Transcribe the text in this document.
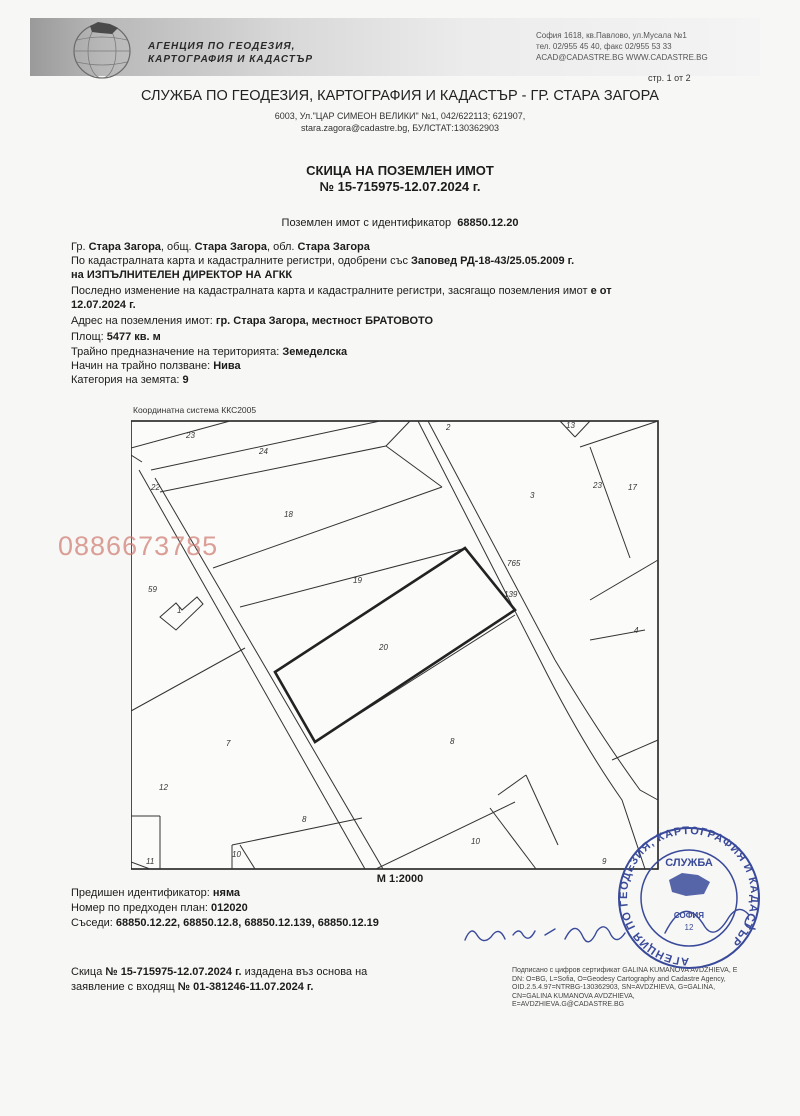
АГЕНЦИЯ ПО ГЕОДЕЗИЯ,
КАРТОГРАФИЯ И КАДАСТЪР
София 1618, кв.Павлово, ул.Мусала №1
тел. 02/955 45 40, факс 02/955 53 33
ACAD@CADASTRE.BG WWW.CADASTRE.BG
стр. 1 от 2
СЛУЖБА ПО ГЕОДЕЗИЯ, КАРТОГРАФИЯ И КАДАСТЪР - ГР. СТАРА ЗАГОРА
6003, Ул."ЦАР СИМЕОН ВЕЛИКИ" №1, 042/622113; 621907,
stara.zagora@cadastre.bg, БУЛСТАТ:130362903
СКИЦА НА ПОЗЕМЛЕН ИМОТ
№ 15-715975-12.07.2024 г.
Поземлен имот с идентификатор 68850.12.20
Гр. Стара Загора, общ. Стара Загора, обл. Стара Загора
По кадастралната карта и кадастралните регистри, одобрени със Заповед РД-18-43/25.05.2009 г.
на ИЗПЪЛНИТЕЛЕН ДИРЕКТОР НА АГКК
Последно изменение на кадастралната карта и кадастралните регистри, засягащо поземления имот е от
12.07.2024 г.
Адрес на поземления имот: гр. Стара Загора, местност БРАТОВОТО
Площ: 5477 кв. м
Трайно предназначение на територията: Земеделска
Начин на трайно ползване: Нива
Категория на земята: 9
Координатна система ККС2005
23
24
22
18
19
20
59
1
7
12
8
11
10
2	13
3
23	17
765
139
4
8
10
9
0886673785
М 1:2000
Предишен идентификатор: няма
Номер по предходен план: 012020
Съседи: 68850.12.22, 68850.12.8, 68850.12.139, 68850.12.19
Скица № 15-715975-12.07.2024 г. издадена въз основа на
заявление с входящ № 01-381246-11.07.2024 г.
Подписано с цифров сертификат GALINA KUMANOVA AVDZHIEVA, E
DN: O=BG, L=Sofia, O=Geodesy Cartography and Cadastre Agency,
OID.2.5.4.97=NTRBG-130362903, SN=AVDZHIEVA, G=GALINA,
CN=GALINA KUMANOVA AVDZHIEVA,
E=AVDZHIEVA.G@CADASTRE.BG
АГЕНЦИЯ ПО ГЕОДЕЗИЯ, КАРТОГРАФИЯ И КАДАСТЪР
СЛУЖБА
СОФИЯ
12
